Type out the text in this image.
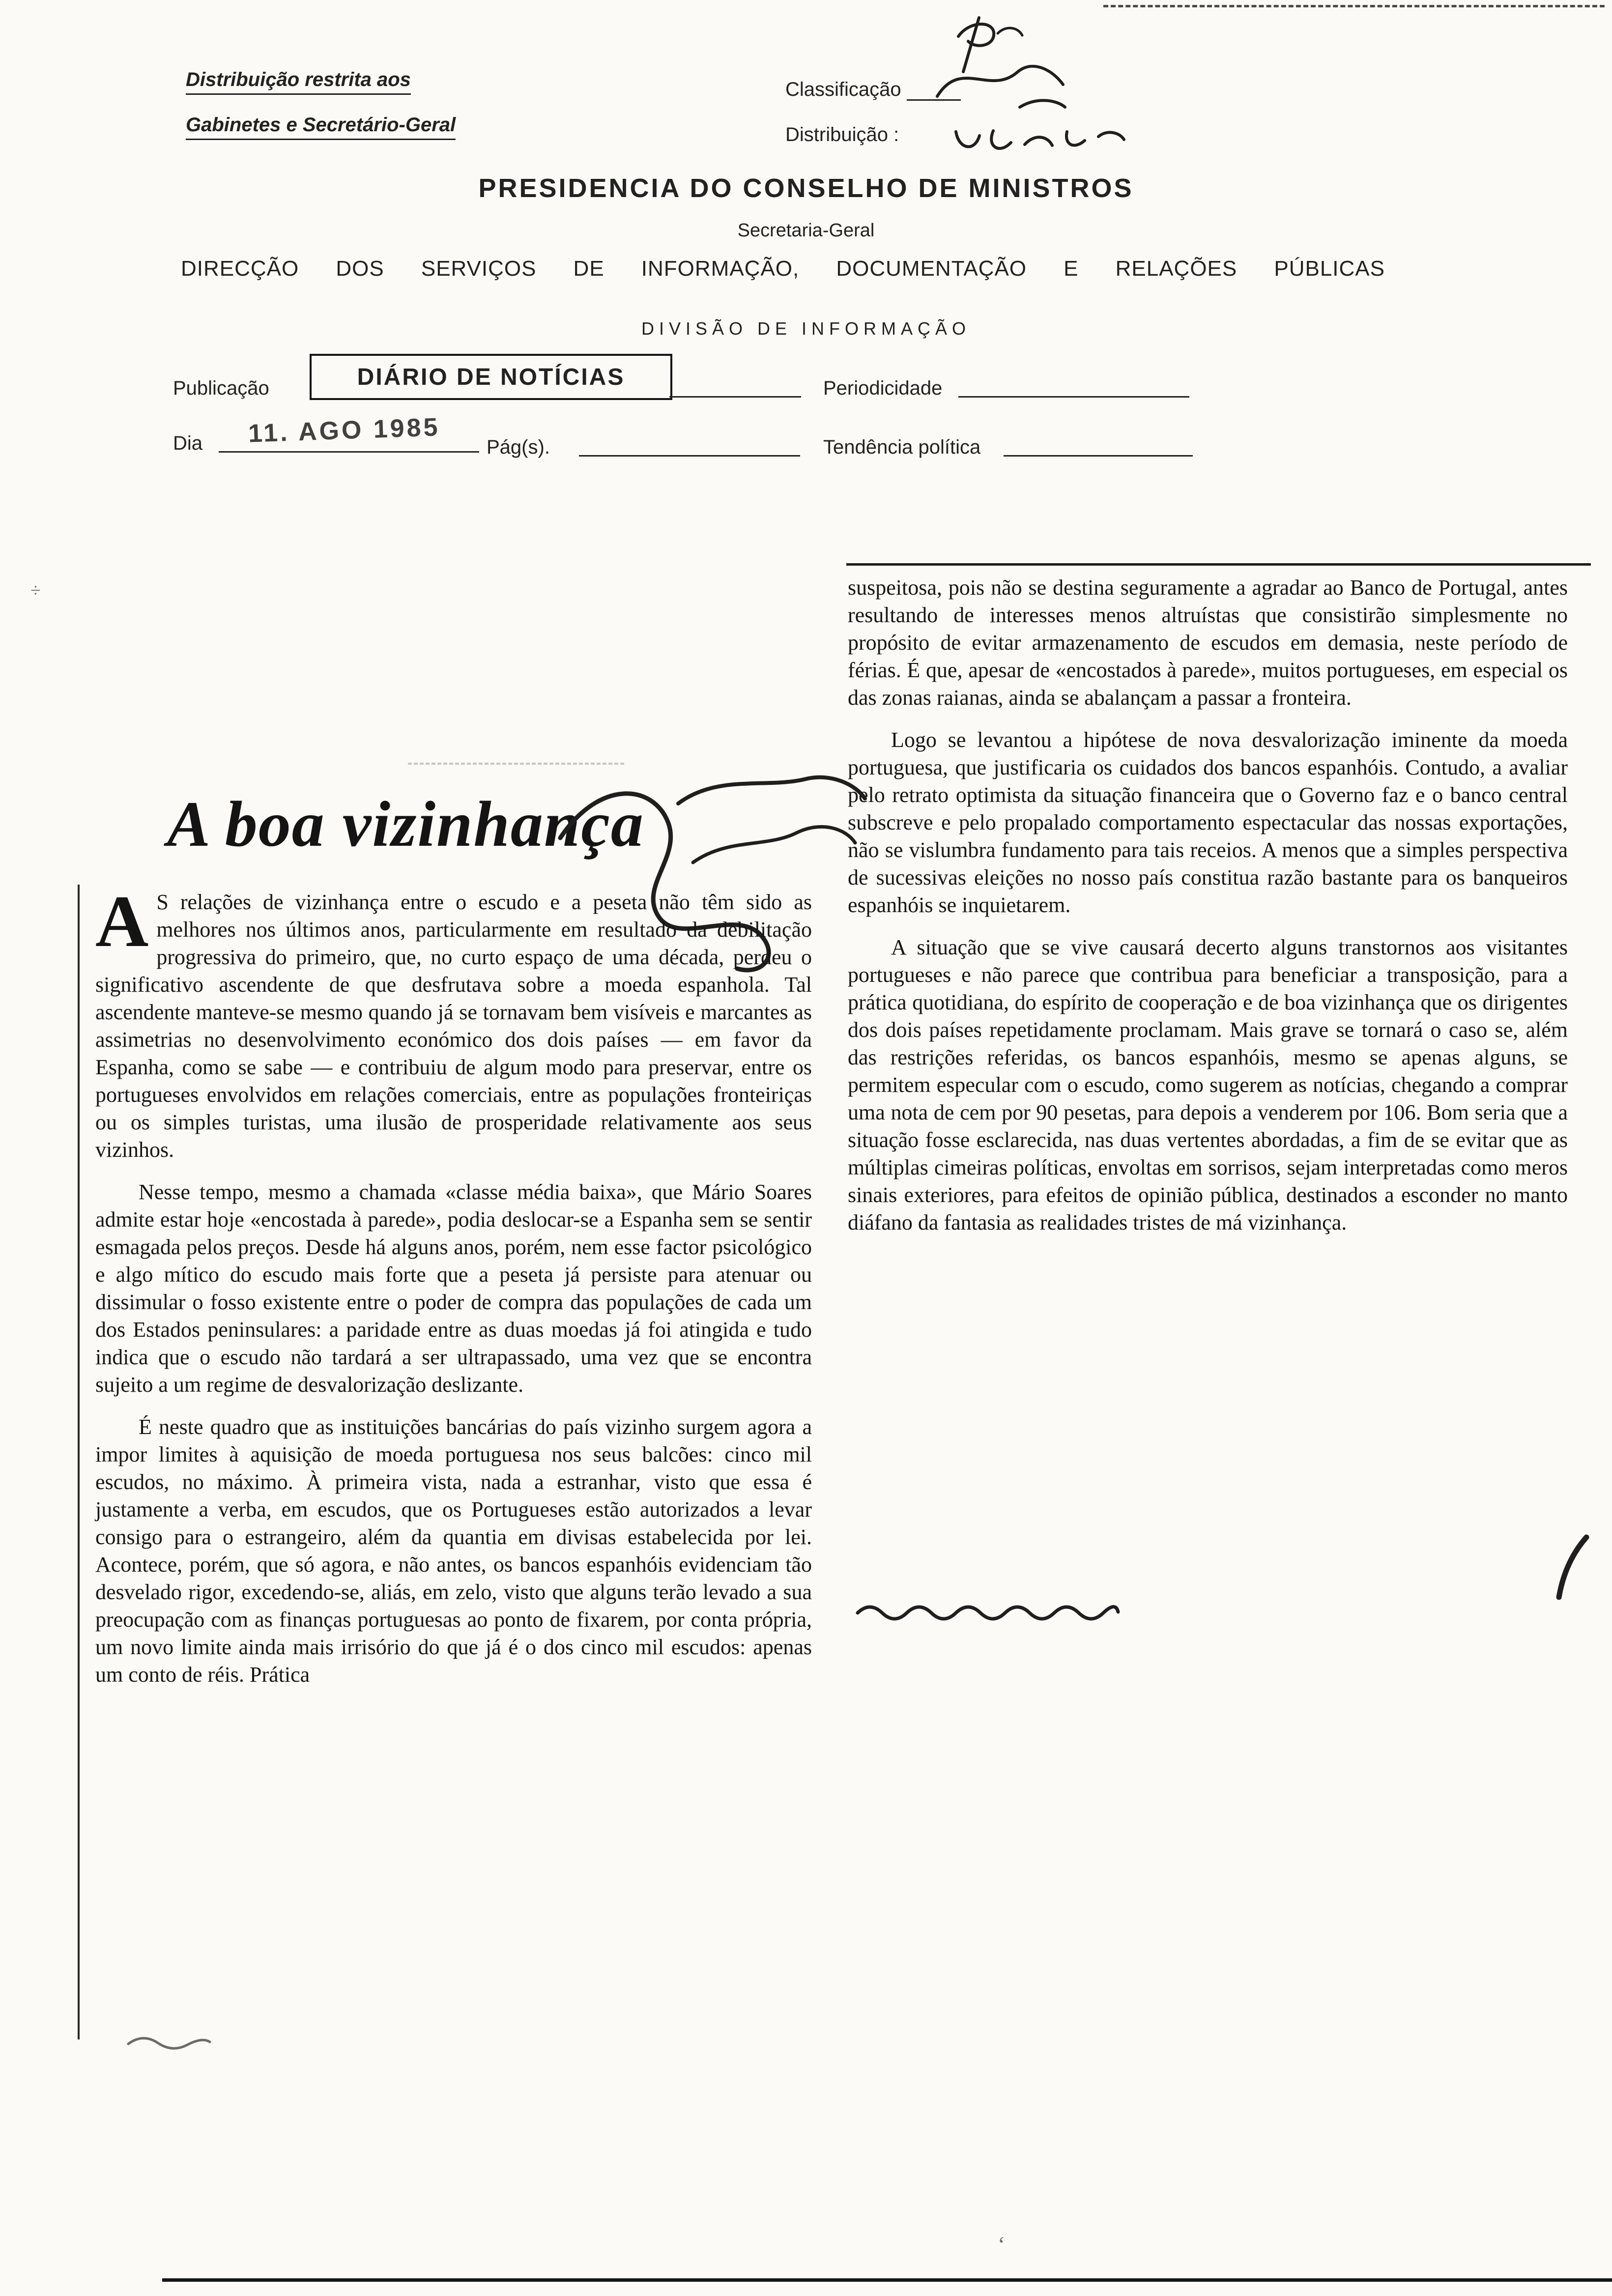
Distribuição restrita aos
Gabinetes e Secretário-Geral
Classificação
Distribuição :
PRESIDENCIA DO CONSELHO DE MINISTROS
Secretaria-Geral
DIRECÇÃO DOS SERVIÇOS DE INFORMAÇÃO, DOCUMENTAÇÃO E RELAÇÕES PÚBLICAS
DIVISÃO DE INFORMAÇÃO
Publicação	DIÁRIO DE NOTÍCIAS	Periodicidade
Dia 11. AGO 1985 Pág(s).	Tendência política
÷	suspeitosa, pois não se destina seguramente a agradar ao Banco de Portugal, antes resultando de interesses menos altruístas que consistirão simplesmente no propósito de evitar armazenamento de escudos em demasia, neste período de férias. É que, apesar de «encostados à parede», muitos portugueses, em especial os das zonas raianas, ainda se abalançam a passar a fronteira.

Logo se levantou a hipótese de nova desvalorização iminente da moeda portuguesa, que justificaria os cuidados dos bancos espanhóis. Contudo, a avaliar pelo retrato optimista da situação financeira que o Governo faz e o banco central subscreve e pelo propalado comportamento espectacular das nossas exportações, não se vislumbra fundamento para tais receios. A menos que a simples perspectiva de sucessivas eleições no nosso país constitua razão bastante para os banqueiros espanhóis se inquietarem.

A situação que se vive causará decerto alguns transtornos aos visitantes portugueses e não parece que contribua para beneficiar a transposição, para a prática quotidiana, do espírito de cooperação e de boa vizinhança que os dirigentes dos dois países repetidamente proclamam. Mais grave se tornará o caso se, além das restrições referidas, os bancos espanhóis, mesmo se apenas alguns, se permitem especular com o escudo, como sugerem as notícias, chegando a comprar uma nota de cem por 90 pesetas, para depois a venderem por 106. Bom seria que a situação fosse esclarecida, nas duas vertentes abordadas, a fim de se evitar que as múltiplas cimeiras políticas, envoltas em sorrisos, sejam interpretadas como meros sinais exteriores, para efeitos de opinião pública, destinados a esconder no manto diáfano da fantasia as realidades tristes de má vizinhança.

A boa vizinhança

A S relações de vizinhança entre o escudo e a peseta não têm sido as melhores nos últimos anos, particularmente em resultado da debilitação progressiva do primeiro, que, no curto espaço de uma década, perdeu o significativo ascendente de que desfrutava sobre a moeda espanhola. Tal ascendente manteve-se mesmo quando já se tornavam bem visíveis e marcantes as assimetrias no desenvolvimento económico dos dois países — em favor da Espanha, como se sabe — e contribuiu de algum modo para preservar, entre os portugueses envolvidos em relações comerciais, entre as populações fronteiriças ou os simples turistas, uma ilusão de prosperidade relativamente aos seus vizinhos.

Nesse tempo, mesmo a chamada «classe média baixa», que Mário Soares admite estar hoje «encostada à parede», podia deslocar-se a Espanha sem se sentir esmagada pelos preços. Desde há alguns anos, porém, nem esse factor psicológico e algo mítico do escudo mais forte que a peseta já persiste para atenuar ou dissimular o fosso existente entre o poder de compra das populações de cada um dos Estados peninsulares: a paridade entre as duas moedas já foi atingida e tudo indica que o escudo não tardará a ser ultrapassado, uma vez que se encontra sujeito a um regime de desvalorização deslizante.

É neste quadro que as instituições bancárias do país vizinho surgem agora a impor limites à aquisição de moeda portuguesa nos seus balcões: cinco mil escudos, no máximo. À primeira vista, nada a estranhar, visto que essa é justamente a verba, em escudos, que os Portugueses estão autorizados a levar consigo para o estrangeiro, além da quantia em divisas estabelecida por lei. Acontece, porém, que só agora, e não antes, os bancos espanhóis evidenciam tão desvelado rigor, excedendo-se, aliás, em zelo, visto que alguns terão levado a sua preocupação com as finanças portuguesas ao ponto de fixarem, por conta própria, um novo limite ainda mais irrisório do que já é o dos cinco mil escudos: apenas um conto de réis. Prática

‘
